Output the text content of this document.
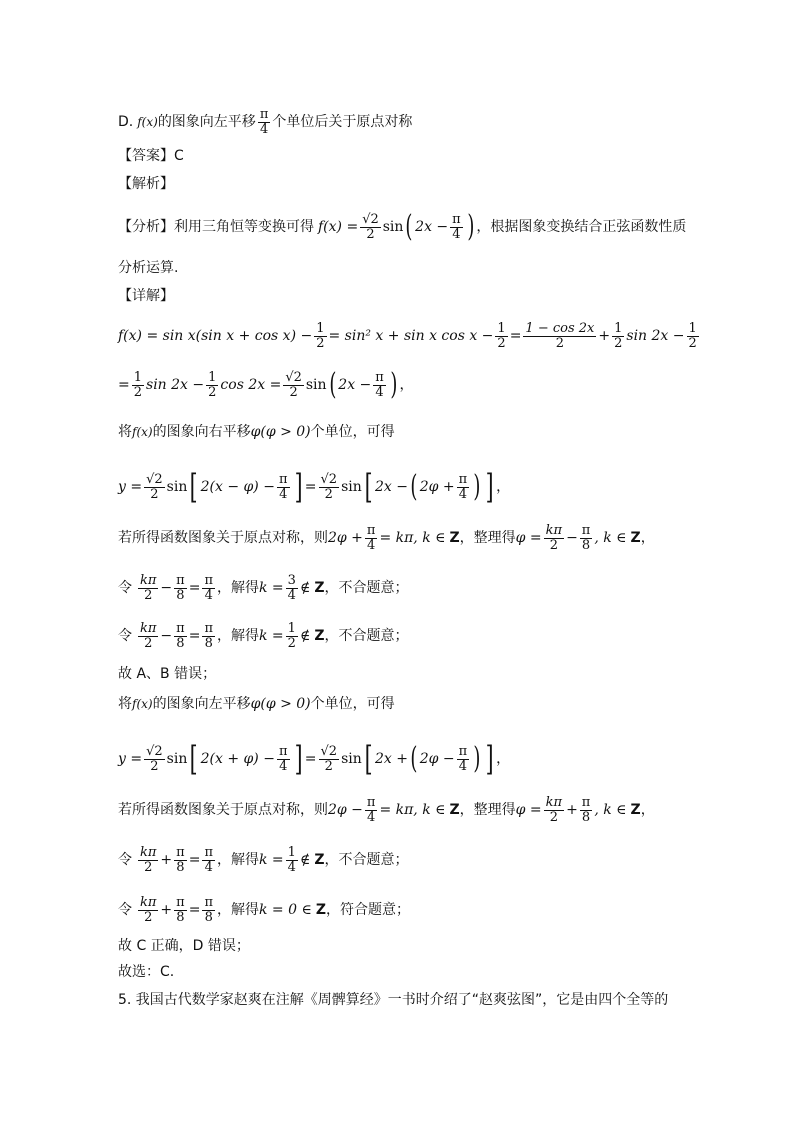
D. f(x) 的图象向左平移 $\frac{\pi}{4}$ 个单位后关于原点对称
【答案】 C
【解析】
【分析】 利用三角恒等变换可得 $f(x) = \frac{√2}{2}$ sin ( $2x - \frac{\pi}{4}$ ) ，根据图象变换结合正弦函数性质
分析运算.
【详解】
f(x) = sin x(sin $x + \cos x) - \frac{1}{2} = \sin^2$ x + sin x $\cos x - \frac{1}{2} = \frac{1 - \cos 2x}{2} + \frac{1}{2}$ $\sin 2x - \frac{1}{2}$
= $\frac{1}{2}$ $\sin 2x - \frac{1}{2}$ $\cos 2x = \frac{√2}{2}$ sin ( $2x - \frac{\pi}{4}$ ) ，
将 f(x) 的图象向右平移 φ(φ > 0) 个单位，可得
$y = \frac{√2}{2}$ sin [ $2(x - \varphi) - \frac{\pi}{4}$ ] = $\frac{√2}{2}$ sin [ 2x − ( $2\varphi + \frac{\pi}{4}$ ) ] ，
若所得函数图象关于原点对称，则 $2\varphi + \frac{\pi}{4} = k\pi$, k ∈ Z ，整理得 $\varphi = \frac{k\pi}{2} - \frac{\pi}{8}$ , k ∈ Z ，
令 $\frac{k\pi}{2} - \frac{\pi}{8} = \frac{\pi}{4}$ ，解得 $k = \frac{3}{4}$ ∉ Z ，不合题意；
令 $\frac{k\pi}{2} - \frac{\pi}{8} = \frac{\pi}{8}$ ，解得 $k = \frac{1}{2}$ ∉ Z ，不合题意；
故 A、B 错误；
将 f(x) 的图象向左平移 φ(φ > 0) 个单位，可得
$y = \frac{√2}{2}$ sin [ $2(x + \varphi) - \frac{\pi}{4}$ ] = $\frac{√2}{2}$ sin [ 2x + ( $2\varphi - \frac{\pi}{4}$ ) ] ，
若所得函数图象关于原点对称，则 $2\varphi - \frac{\pi}{4} = k\pi$, k ∈ Z ，整理得 $\varphi = \frac{k\pi}{2} + \frac{\pi}{8}$ , k ∈ Z ，
令 $\frac{k\pi}{2} + \frac{\pi}{8} = \frac{\pi}{4}$ ，解得 $k = \frac{1}{4}$ ∉ Z ，不合题意；
令 $\frac{k\pi}{2} + \frac{\pi}{8} = \frac{\pi}{8}$ ，解得 k = 0 ∈ Z ，符合题意；
故 C 正确，D 错误；
故选：C.
5. 我国古代数学家赵爽在注解《周髀算经》一书时介绍了“赵爽弦图”，它是由四个全等的
